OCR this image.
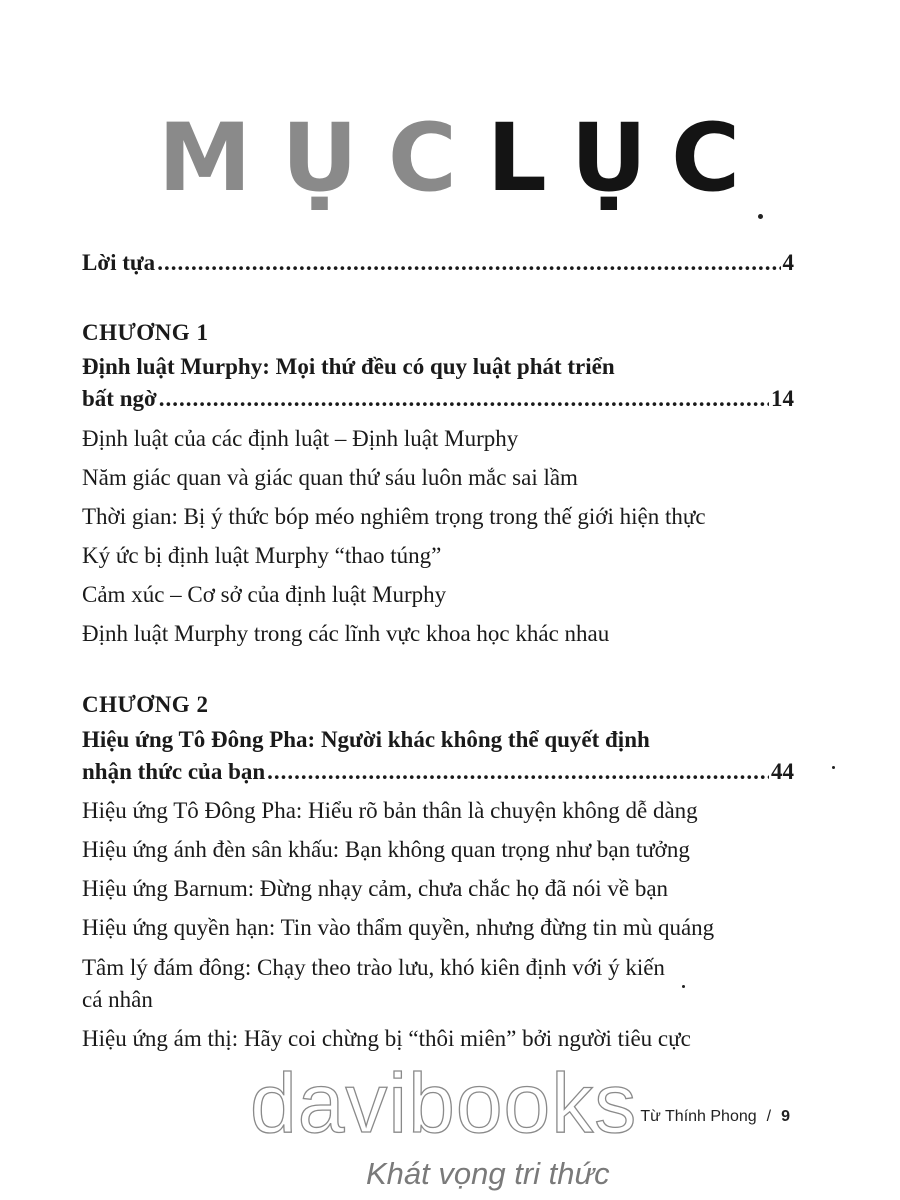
MỤCLỤC
Lời tựa .....	4
CHƯƠNG 1
Định luật Murphy: Mọi thứ đều có quy luật phát triển
bất ngờ .....	14
Định luật của các định luật – Định luật Murphy
Năm giác quan và giác quan thứ sáu luôn mắc sai lầm
Thời gian: Bị ý thức bóp méo nghiêm trọng trong thế giới hiện thực
Ký ức bị định luật Murphy “thao túng”
Cảm xúc – Cơ sở của định luật Murphy
Định luật Murphy trong các lĩnh vực khoa học khác nhau
CHƯƠNG 2
Hiệu ứng Tô Đông Pha: Người khác không thể quyết định
nhận thức của bạn .....	44
Hiệu ứng Tô Đông Pha: Hiểu rõ bản thân là chuyện không dễ dàng
Hiệu ứng ánh đèn sân khấu: Bạn không quan trọng như bạn tưởng
Hiệu ứng Barnum: Đừng nhạy cảm, chưa chắc họ đã nói về bạn
Hiệu ứng quyền hạn: Tin vào thẩm quyền, nhưng đừng tin mù quáng
Tâm lý đám đông: Chạy theo trào lưu, khó kiên định với ý kiến
cá nhân
Hiệu ứng ám thị: Hãy coi chừng bị “thôi miên” bởi người tiêu cực
davibooks
Khát vọng tri thức
Từ Thính Phong / 9
